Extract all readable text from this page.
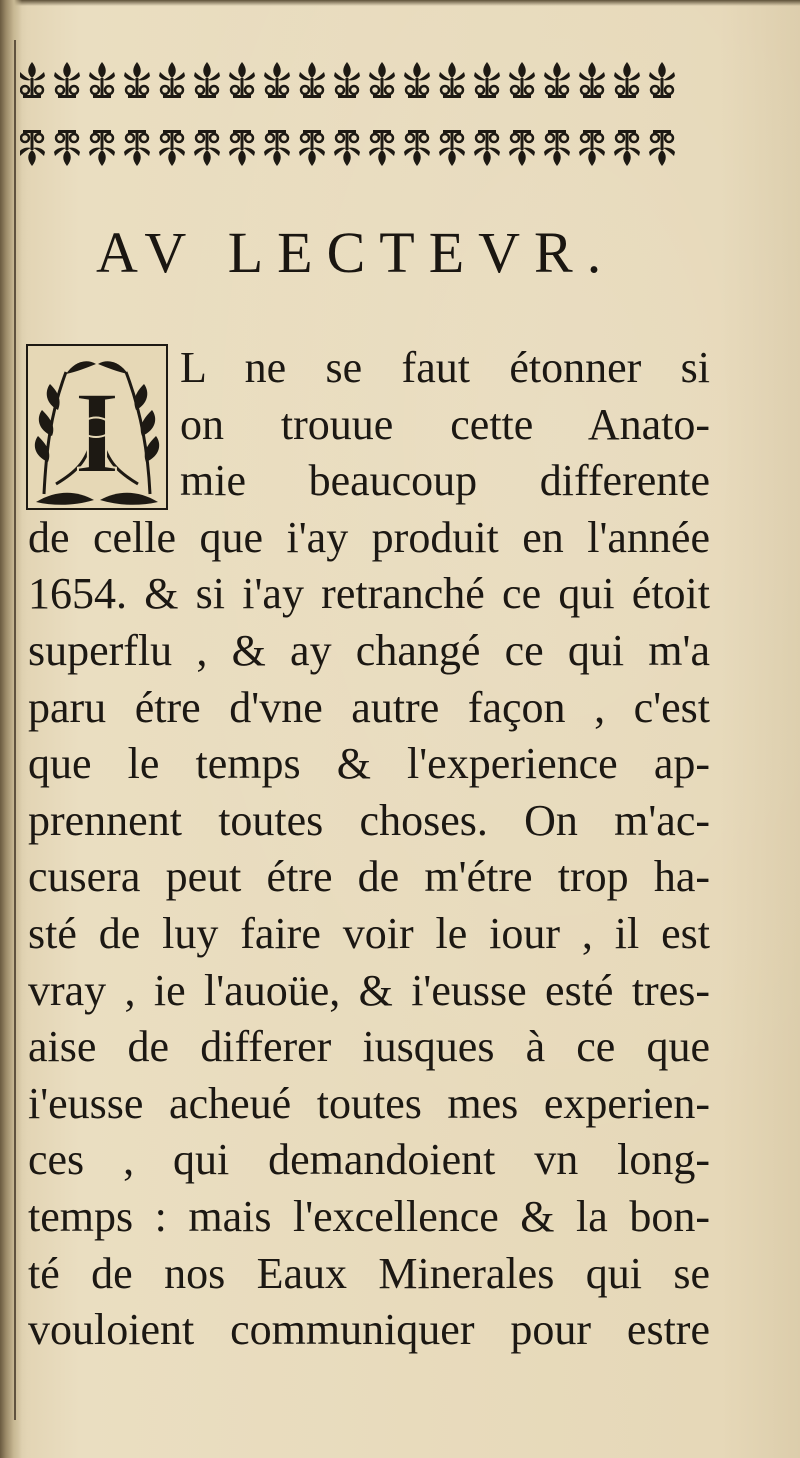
AV LECTEVR.
I L ne se faut étonner si
on trouue cette Anato-
mie beaucoup differente
de celle que i'ay produit en l'année
1654. & si i'ay retranché ce qui étoit
superflu , & ay changé ce qui m'a
paru étre d'vne autre façon , c'est
que le temps & l'experience ap-
prennent toutes choses. On m'ac-
cusera peut étre de m'étre trop ha-
sté de luy faire voir le iour , il est
vray , ie l'auoüe, & i'eusse esté tres-
aise de differer iusques à ce que
i'eusse acheué toutes mes experien-
ces , qui demandoient vn long-
temps : mais l'excellence & la bon-
té de nos Eaux Minerales qui se
vouloient communiquer pour estre
